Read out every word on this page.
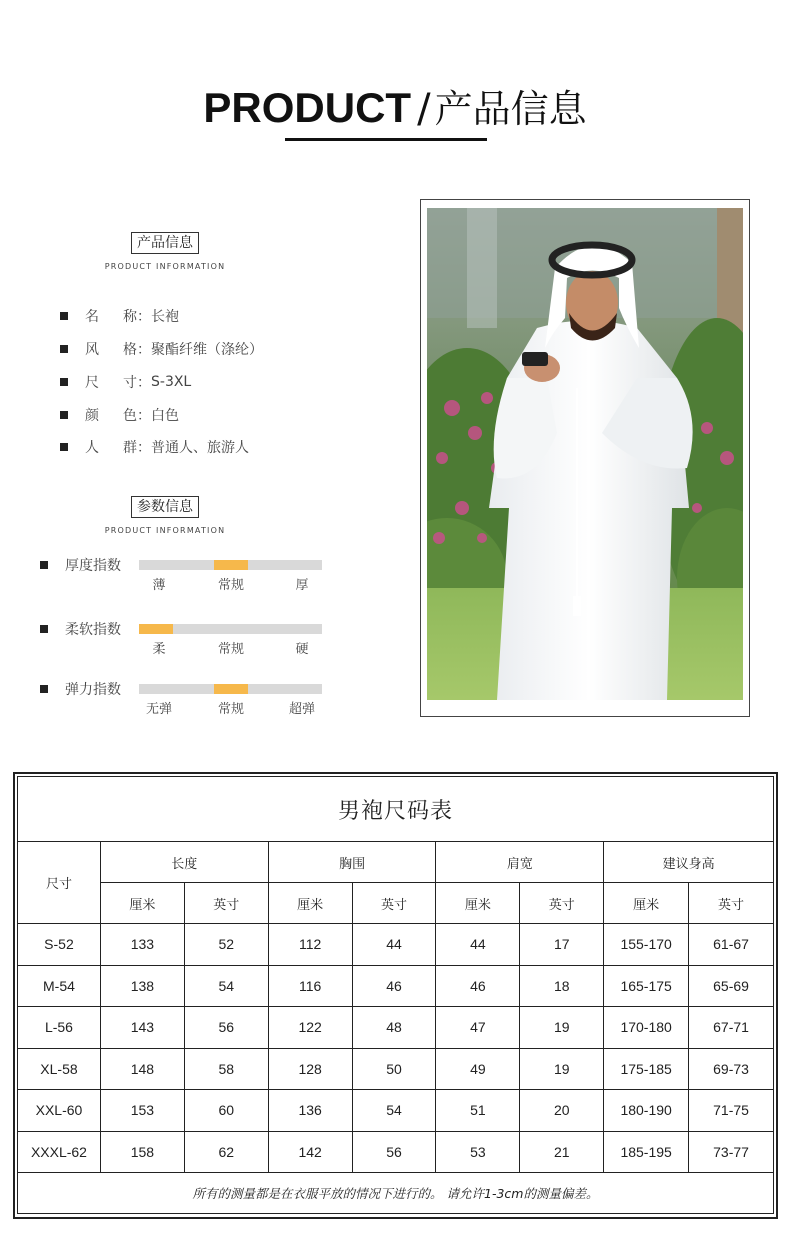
PRODUCT / 产品信息
产品信息
PRODUCT INFORMATION
名 称 ： 长袍
风 格 ： 聚酯纤维（涤纶）
尺 寸 ： S-3XL
颜 色 ： 白色
人 群 ： 普通人、旅游人
参数信息
PRODUCT INFORMATION
厚度指数
薄	常规	厚
柔软指数
柔	常规	硬
弹力指数
无弹	常规	超弹
男袍尺码表								
尺寸	长度		胸围		肩宽		建议身高	
	厘米	英寸	厘米	英寸	厘米	英寸	厘米	英寸
S-52	133	52	112	44	44	17	155-170	61-67
M-54	138	54	116	46	46	18	165-175	65-69
L-56	143	56	122	48	47	19	170-180	67-71
XL-58	148	58	128	50	49	19	175-185	69-73
XXL-60	153	60	136	54	51	20	180-190	71-75
XXXL-62	158	62	142	56	53	21	185-195	73-77
所有的测量都是在衣服平放的情况下进行的。 请允许1-3cm的测量偏差。								
